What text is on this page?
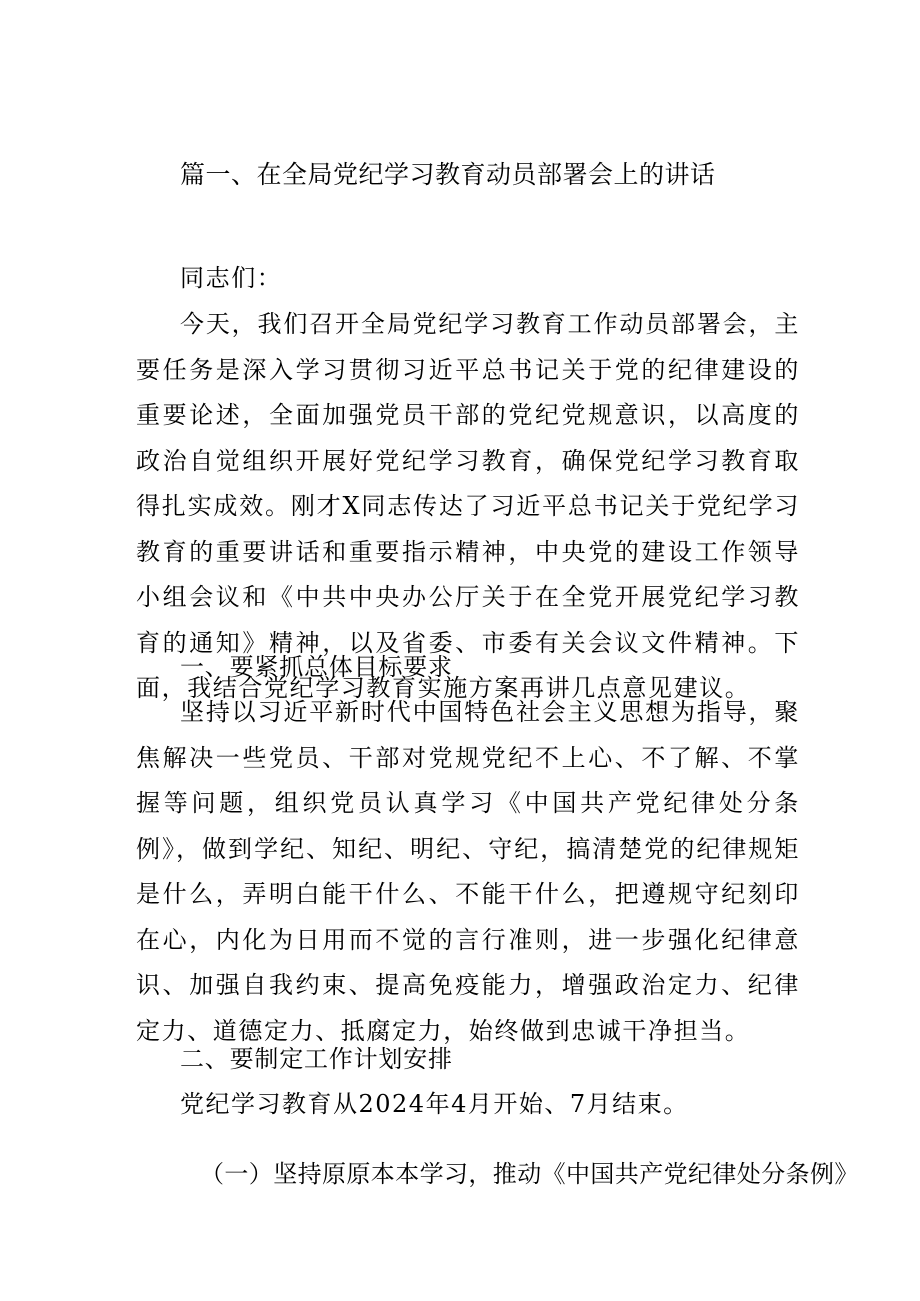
篇一、在全局党纪学习教育动员部署会上的讲话
同志们：
今天，我们召开全局党纪学习教育工作动员部署会，主要任务是深入学习贯彻习近平总书记关于党的纪律建设的重要论述，全面加强党员干部的党纪党规意识，以高度的政治自觉组织开展好党纪学习教育，确保党纪学习教育取得扎实成效。刚才X同志传达了习近平总书记关于党纪学习教育的重要讲话和重要指示精神，中央党的建设工作领导小组会议和《中共中央办公厅关于在全党开展党纪学习教育的通知》精神，以及省委、市委有关会议文件精神。下面，我结合党纪学习教育实施方案再讲几点意见建议。
一、要紧抓总体目标要求
坚持以习近平新时代中国特色社会主义思想为指导，聚焦解决一些党员、干部对党规党纪不上心、不了解、不掌握等问题，组织党员认真学习《中国共产党纪律处分条例》，做到学纪、知纪、明纪、守纪，搞清楚党的纪律规矩是什么，弄明白能干什么、不能干什么，把遵规守纪刻印在心，内化为日用而不觉的言行准则，进一步强化纪律意识、加强自我约束、提高免疫能力，增强政治定力、纪律定力、道德定力、抵腐定力，始终做到忠诚干净担当。
二、要制定工作计划安排
党纪学习教育从2024年4月开始、7月结束。
（一）坚持原原本本学习，推动《中国共产党纪律处分条例》
